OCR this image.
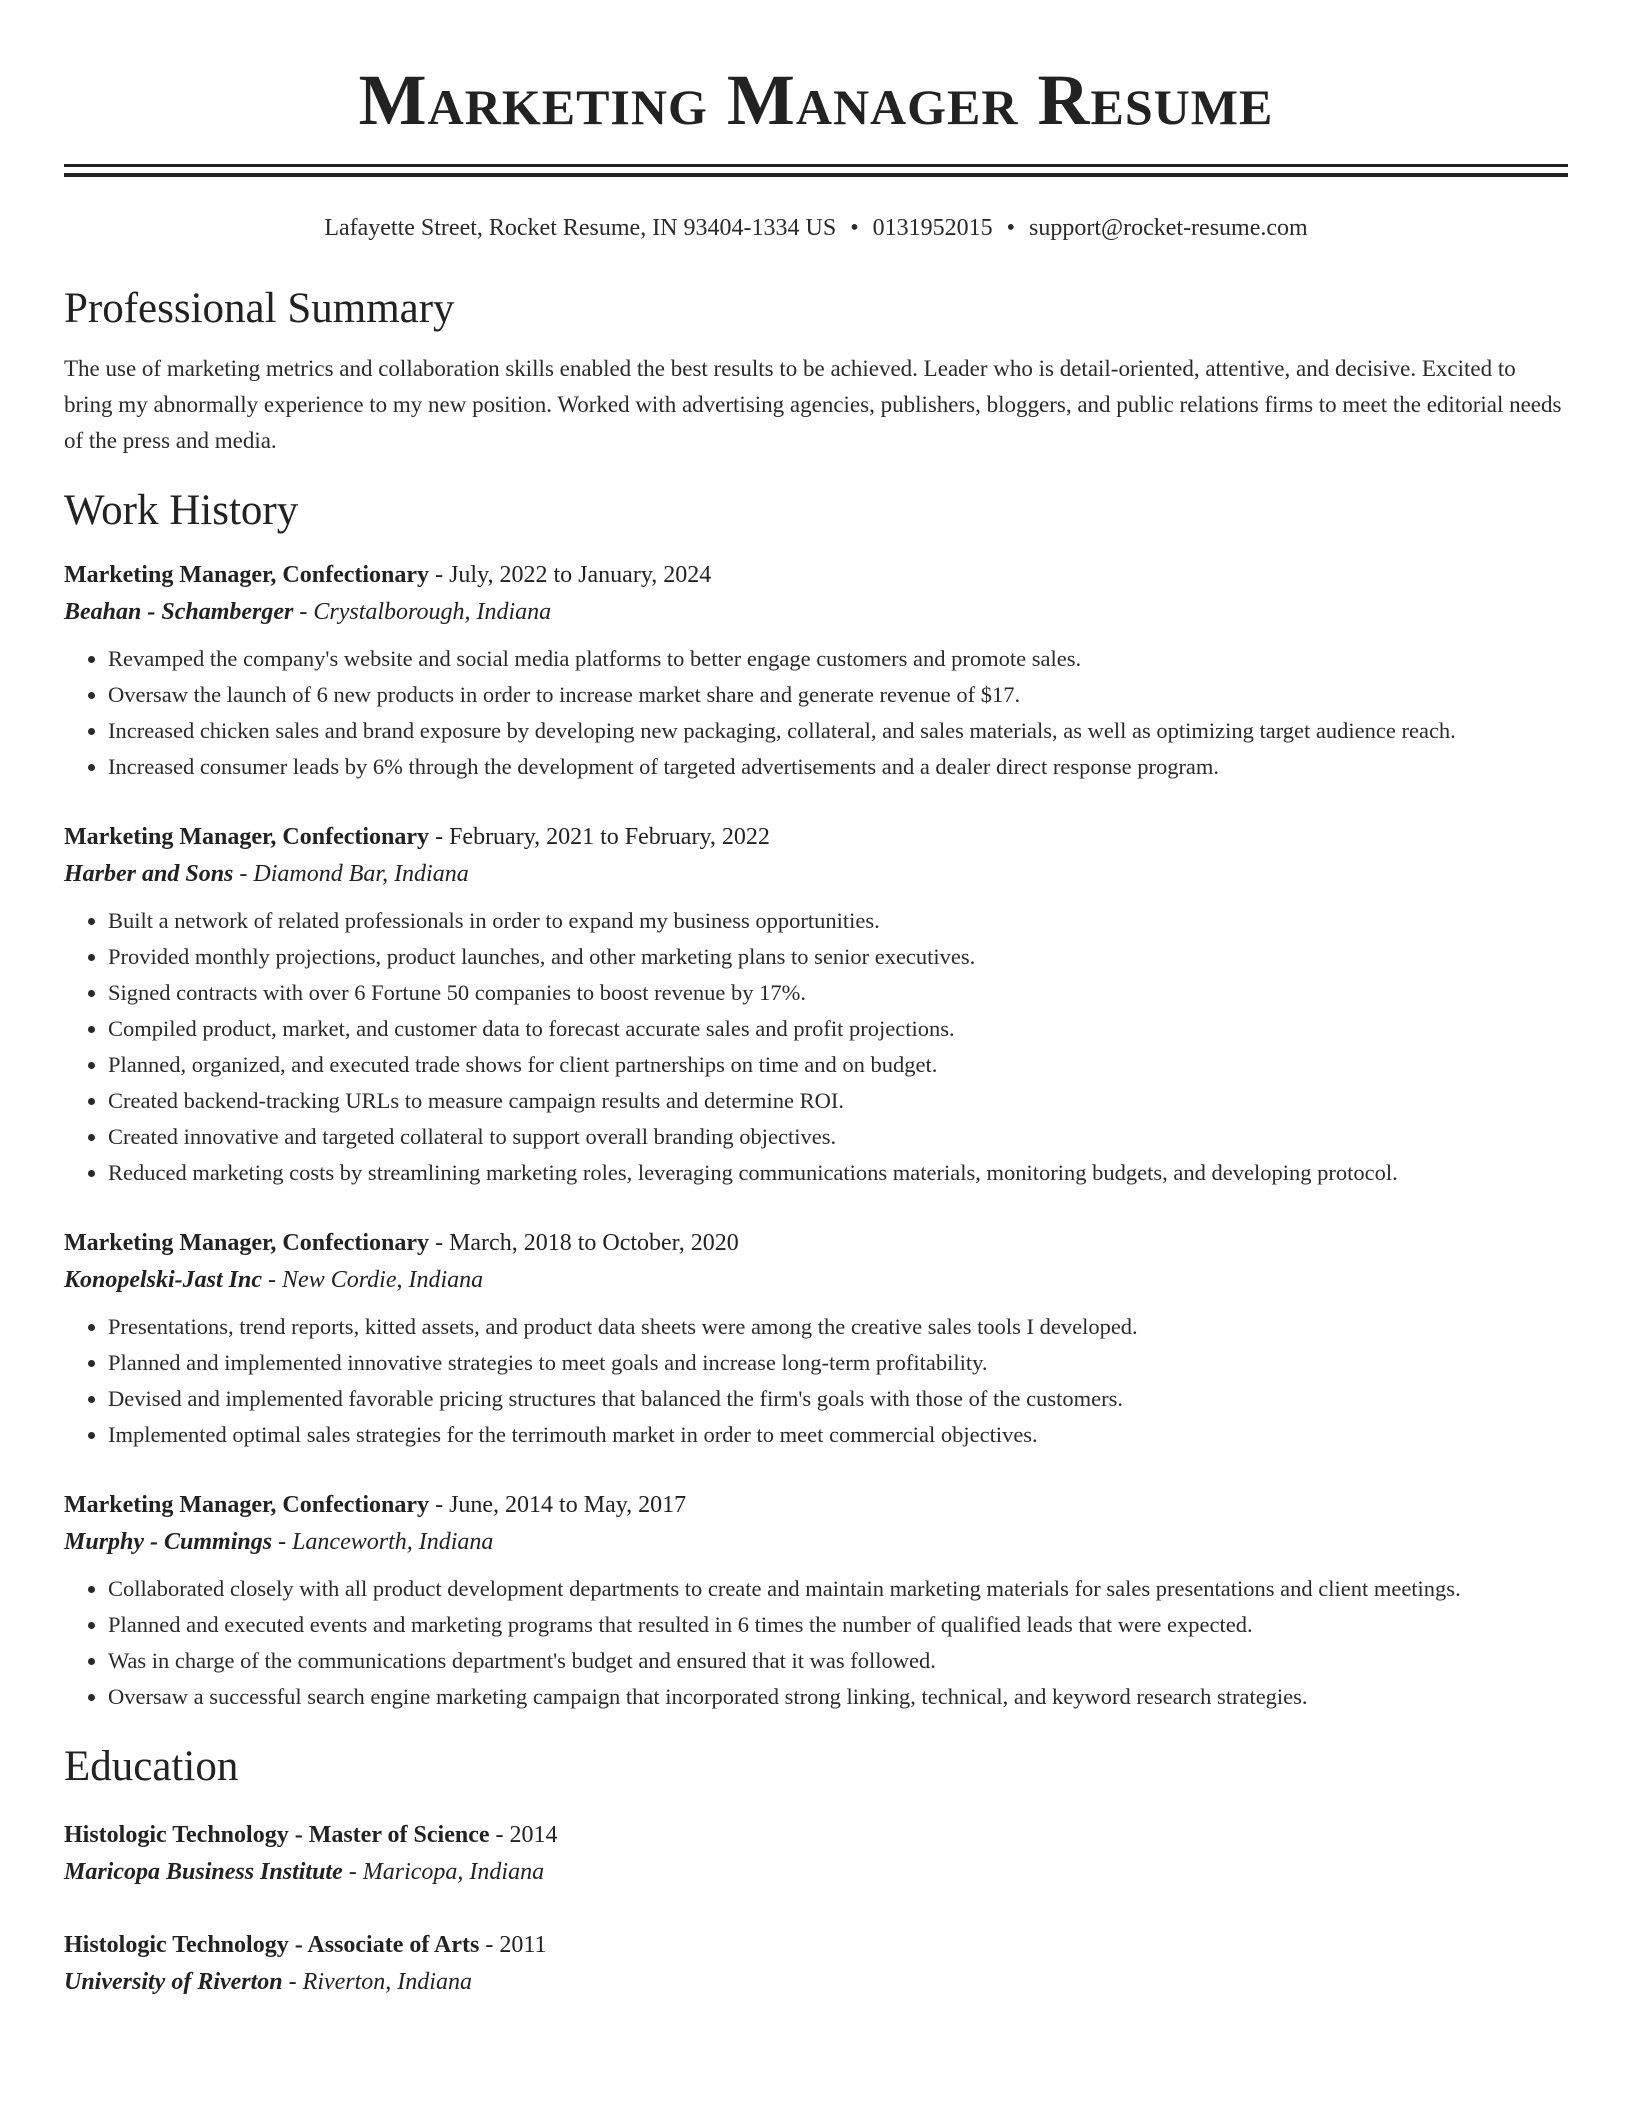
Marketing Manager Resume
Lafayette Street, Rocket Resume, IN 93404-1334 US • 0131952015 • support@rocket-resume.com
Professional Summary

The use of marketing metrics and collaboration skills enabled the best results to be achieved. Leader who is detail-oriented, attentive, and decisive. Excited to bring my abnormally experience to my new position. Worked with advertising agencies, publishers, bloggers, and public relations firms to meet the editorial needs of the press and media.

Work History
Marketing Manager, Confectionary - July, 2022 to January, 2024
Beahan - Schamberger - Crystalborough, Indiana
• Revamped the company's website and social media platforms to better engage customers and promote sales.
• Oversaw the launch of 6 new products in order to increase market share and generate revenue of $17.
• Increased chicken sales and brand exposure by developing new packaging, collateral, and sales materials, as well as optimizing target audience reach.
• Increased consumer leads by 6% through the development of targeted advertisements and a dealer direct response program.
Marketing Manager, Confectionary - February, 2021 to February, 2022
Harber and Sons - Diamond Bar, Indiana
• Built a network of related professionals in order to expand my business opportunities.
• Provided monthly projections, product launches, and other marketing plans to senior executives.
• Signed contracts with over 6 Fortune 50 companies to boost revenue by 17%.
• Compiled product, market, and customer data to forecast accurate sales and profit projections.
• Planned, organized, and executed trade shows for client partnerships on time and on budget.
• Created backend-tracking URLs to measure campaign results and determine ROI.
• Created innovative and targeted collateral to support overall branding objectives.
• Reduced marketing costs by streamlining marketing roles, leveraging communications materials, monitoring budgets, and developing protocol.
Marketing Manager, Confectionary - March, 2018 to October, 2020
Konopelski-Jast Inc - New Cordie, Indiana
• Presentations, trend reports, kitted assets, and product data sheets were among the creative sales tools I developed.
• Planned and implemented innovative strategies to meet goals and increase long-term profitability.
• Devised and implemented favorable pricing structures that balanced the firm's goals with those of the customers.
• Implemented optimal sales strategies for the terrimouth market in order to meet commercial objectives.
Marketing Manager, Confectionary - June, 2014 to May, 2017
Murphy - Cummings - Lanceworth, Indiana
• Collaborated closely with all product development departments to create and maintain marketing materials for sales presentations and client meetings.
• Planned and executed events and marketing programs that resulted in 6 times the number of qualified leads that were expected.
• Was in charge of the communications department's budget and ensured that it was followed.
• Oversaw a successful search engine marketing campaign that incorporated strong linking, technical, and keyword research strategies.
Education
Histologic Technology - Master of Science - 2014
Maricopa Business Institute - Maricopa, Indiana
Histologic Technology - Associate of Arts - 2011
University of Riverton - Riverton, Indiana
